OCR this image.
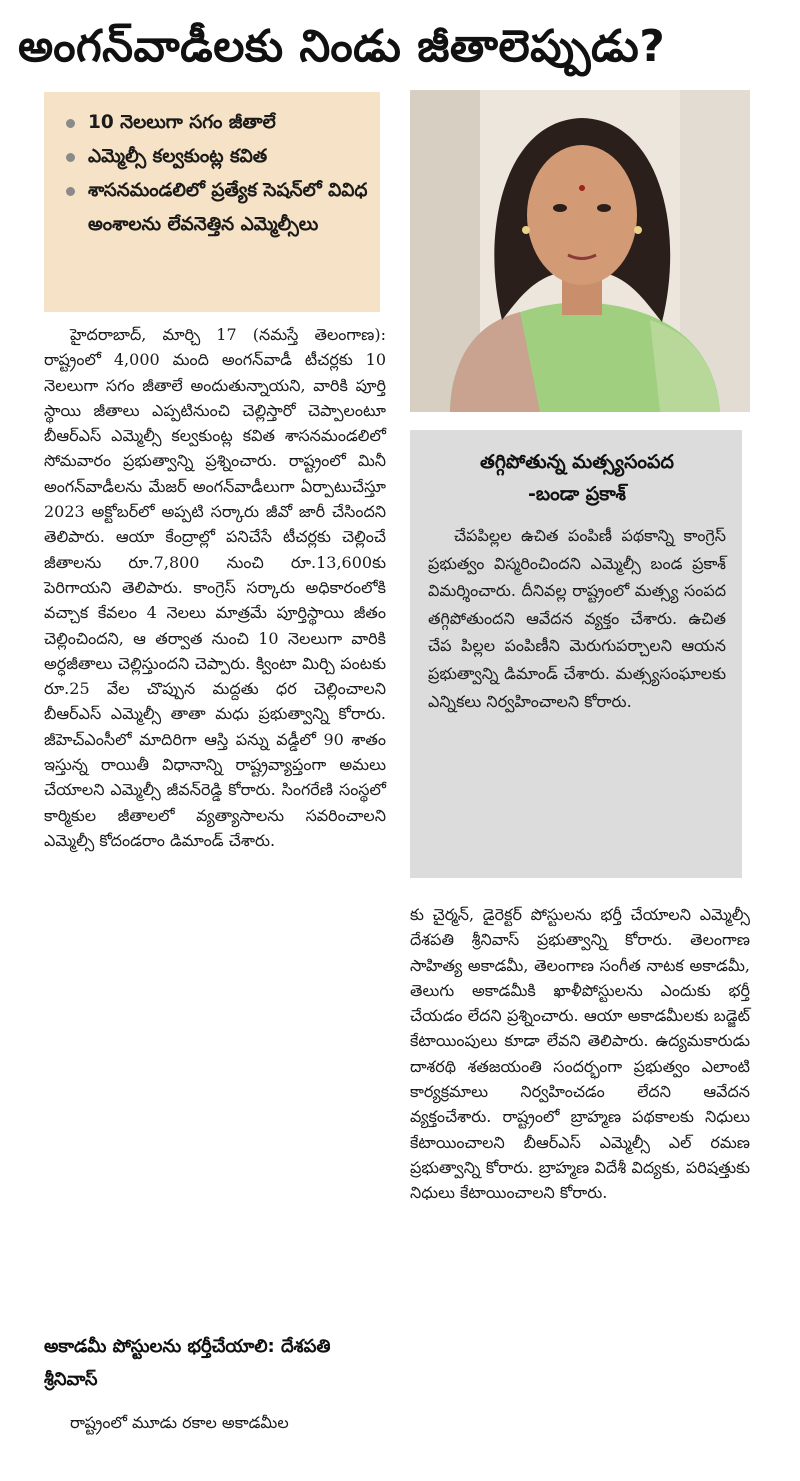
అంగన్‌వాడీలకు నిండు జీతాలెప్పుడు?
10 నెలలుగా సగం జీతాలే
ఎమ్మెల్సీ కల్వకుంట్ల కవిత
శాసనమండలిలో ప్రత్యేక సెషన్‌లో వివిధ అంశాలను లేవనెత్తిన ఎమ్మెల్సీలు

హైదరాబాద్, మార్చి 17 (నమస్తే తెలంగాణ): రాష్ట్రంలో 4,000 మంది అంగన్‌వాడీ టీచర్లకు 10 నెలలుగా సగం జీతాలే అందుతున్నాయని, వారికి పూర్తి స్థాయి జీతాలు ఎప్పటినుంచి చెల్లిస్తారో చెప్పాలంటూ బీఆర్‌ఎస్ ఎమ్మెల్సీ కల్వకుంట్ల కవిత శాసనమండలిలో సోమవారం ప్రభుత్వాన్ని ప్రశ్నించారు. రాష్ట్రంలో మినీ అంగన్‌వాడీలను మేజర్ అంగన్‌వాడీలుగా ఏర్పాటుచేస్తూ 2023 అక్టోబర్‌లో అప్పటి సర్కారు జీవో జారీ చేసిందని తెలిపారు. ఆయా కేంద్రాల్లో పనిచేసే టీచర్లకు చెల్లించే జీతాలను రూ.7,800 నుంచి రూ.13,600కు పెరిగాయని తెలిపారు. కాంగ్రెస్ సర్కారు అధికారంలోకి వచ్చాక కేవలం 4 నెలలు మాత్రమే పూర్తిస్థాయి జీతం చెల్లించిందని, ఆ తర్వాత నుంచి 10 నెలలుగా వారికి అర్ధజీతాలు చెల్లిస్తుందని చెప్పారు. క్వింటా మిర్చి పంటకు రూ.25 వేల చొప్పున మద్దతు ధర చెల్లించాలని బీఆర్‌ఎస్ ఎమ్మెల్సీ తాతా మధు ప్రభుత్వాన్ని కోరారు. జీహెచ్‌ఎంసీలో మాదిరిగా ఆస్తి పన్ను వడ్డీలో 90 శాతం ఇస్తున్న రాయితీ విధానాన్ని రాష్ట్రవ్యాప్తంగా అమలు చేయాలని ఎమ్మెల్సీ జీవన్‌రెడ్డి కోరారు. సింగరేణి సంస్థలో కార్మికుల జీతాలలో వ్యత్యాసాలను సవరించాలని ఎమ్మెల్సీ కోదండరాం డిమాండ్ చేశారు.

అకాడమీ పోస్టులను భర్తీచేయాలి: దేశపతి శ్రీనివాస్

రాష్ట్రంలో మూడు రకాల అకాడమీల

తగ్గిపోతున్న మత్స్యసంపద
-బండా ప్రకాశ్

చేపపిల్లల ఉచిత పంపిణీ పథకాన్ని కాంగ్రెస్ ప్రభుత్వం విస్మరించిందని ఎమ్మెల్సీ బండ ప్రకాశ్ విమర్శించారు. దీనివల్ల రాష్ట్రంలో మత్స్య సంపద తగ్గిపోతుందని ఆవేదన వ్యక్తం చేశారు. ఉచిత చేప పిల్లల పంపిణీని మెరుగుపర్చాలని ఆయన ప్రభుత్వాన్ని డిమాండ్ చేశారు. మత్స్యసంఘాలకు ఎన్నికలు నిర్వహించాలని కోరారు.

కు చైర్మన్, డైరెక్టర్ పోస్టులను భర్తీ చేయాలని ఎమ్మెల్సీ దేశపతి శ్రీనివాస్ ప్రభుత్వాన్ని కోరారు. తెలంగాణ సాహిత్య అకాడమీ, తెలంగాణ సంగీత నాటక అకాడమీ, తెలుగు అకాడమీకి ఖాళీపోస్టులను ఎందుకు భర్తీ చేయడం లేదని ప్రశ్నించారు. ఆయా అకాడమీలకు బడ్జెట్ కేటాయింపులు కూడా లేవని తెలిపారు. ఉద్యమకారుడు దాశరథి శతజయంతి సందర్భంగా ప్రభుత్వం ఎలాంటి కార్యక్రమాలు నిర్వహించడం లేదని ఆవేదన వ్యక్తంచేశారు. రాష్ట్రంలో బ్రాహ్మణ పథకాలకు నిధులు కేటాయించాలని బీఆర్‌ఎస్ ఎమ్మెల్సీ ఎల్ రమణ ప్రభుత్వాన్ని కోరారు. బ్రాహ్మణ విదేశీ విద్యకు, పరిషత్తుకు నిధులు కేటాయించాలని కోరారు.
